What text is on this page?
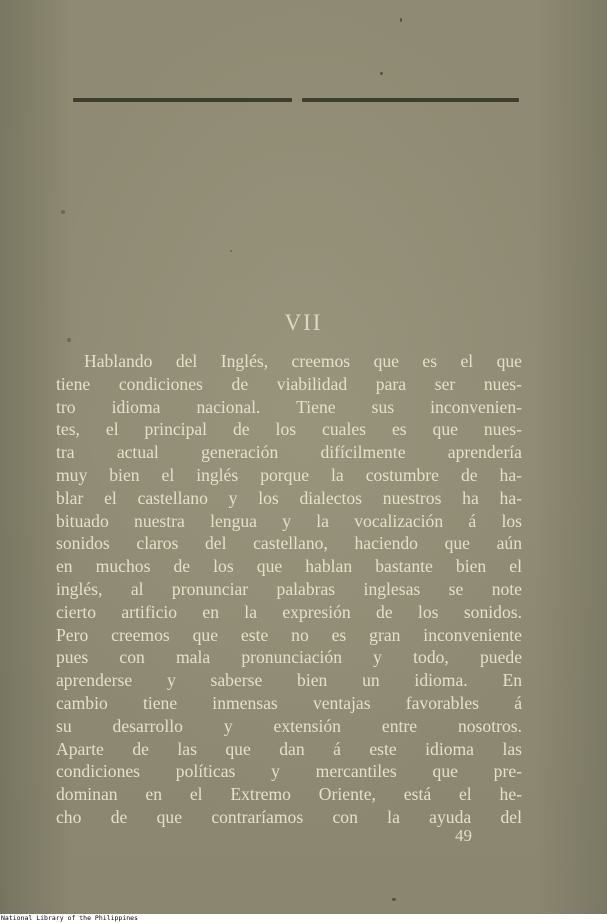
VII
Hablando del Inglés, creemos que es el que
tiene condiciones de viabilidad para ser nues-
tro idioma nacional. Tiene sus inconvenien-
tes, el principal de los cuales es que nues-
tra actual generación difícilmente aprendería
muy bien el inglés porque la costumbre de ha-
blar el castellano y los dialectos nuestros ha ha-
bituado nuestra lengua y la vocalización á los
sonidos claros del castellano, haciendo que aún
en muchos de los que hablan bastante bien el
inglés, al pronunciar palabras inglesas se note
cierto artificio en la expresión de los sonidos.
Pero creemos que este no es gran inconveniente
pues con mala pronunciación y todo, puede
aprenderse y saberse bien un idioma. En
cambio tiene inmensas ventajas favorables á
su desarrollo y extensión entre nosotros.
Aparte de las que dan á este idioma las
condiciones políticas y mercantiles que pre-
dominan en el Extremo Oriente, está el he-
cho de que contraríamos con la ayuda del
49
National Library of the Philippines
